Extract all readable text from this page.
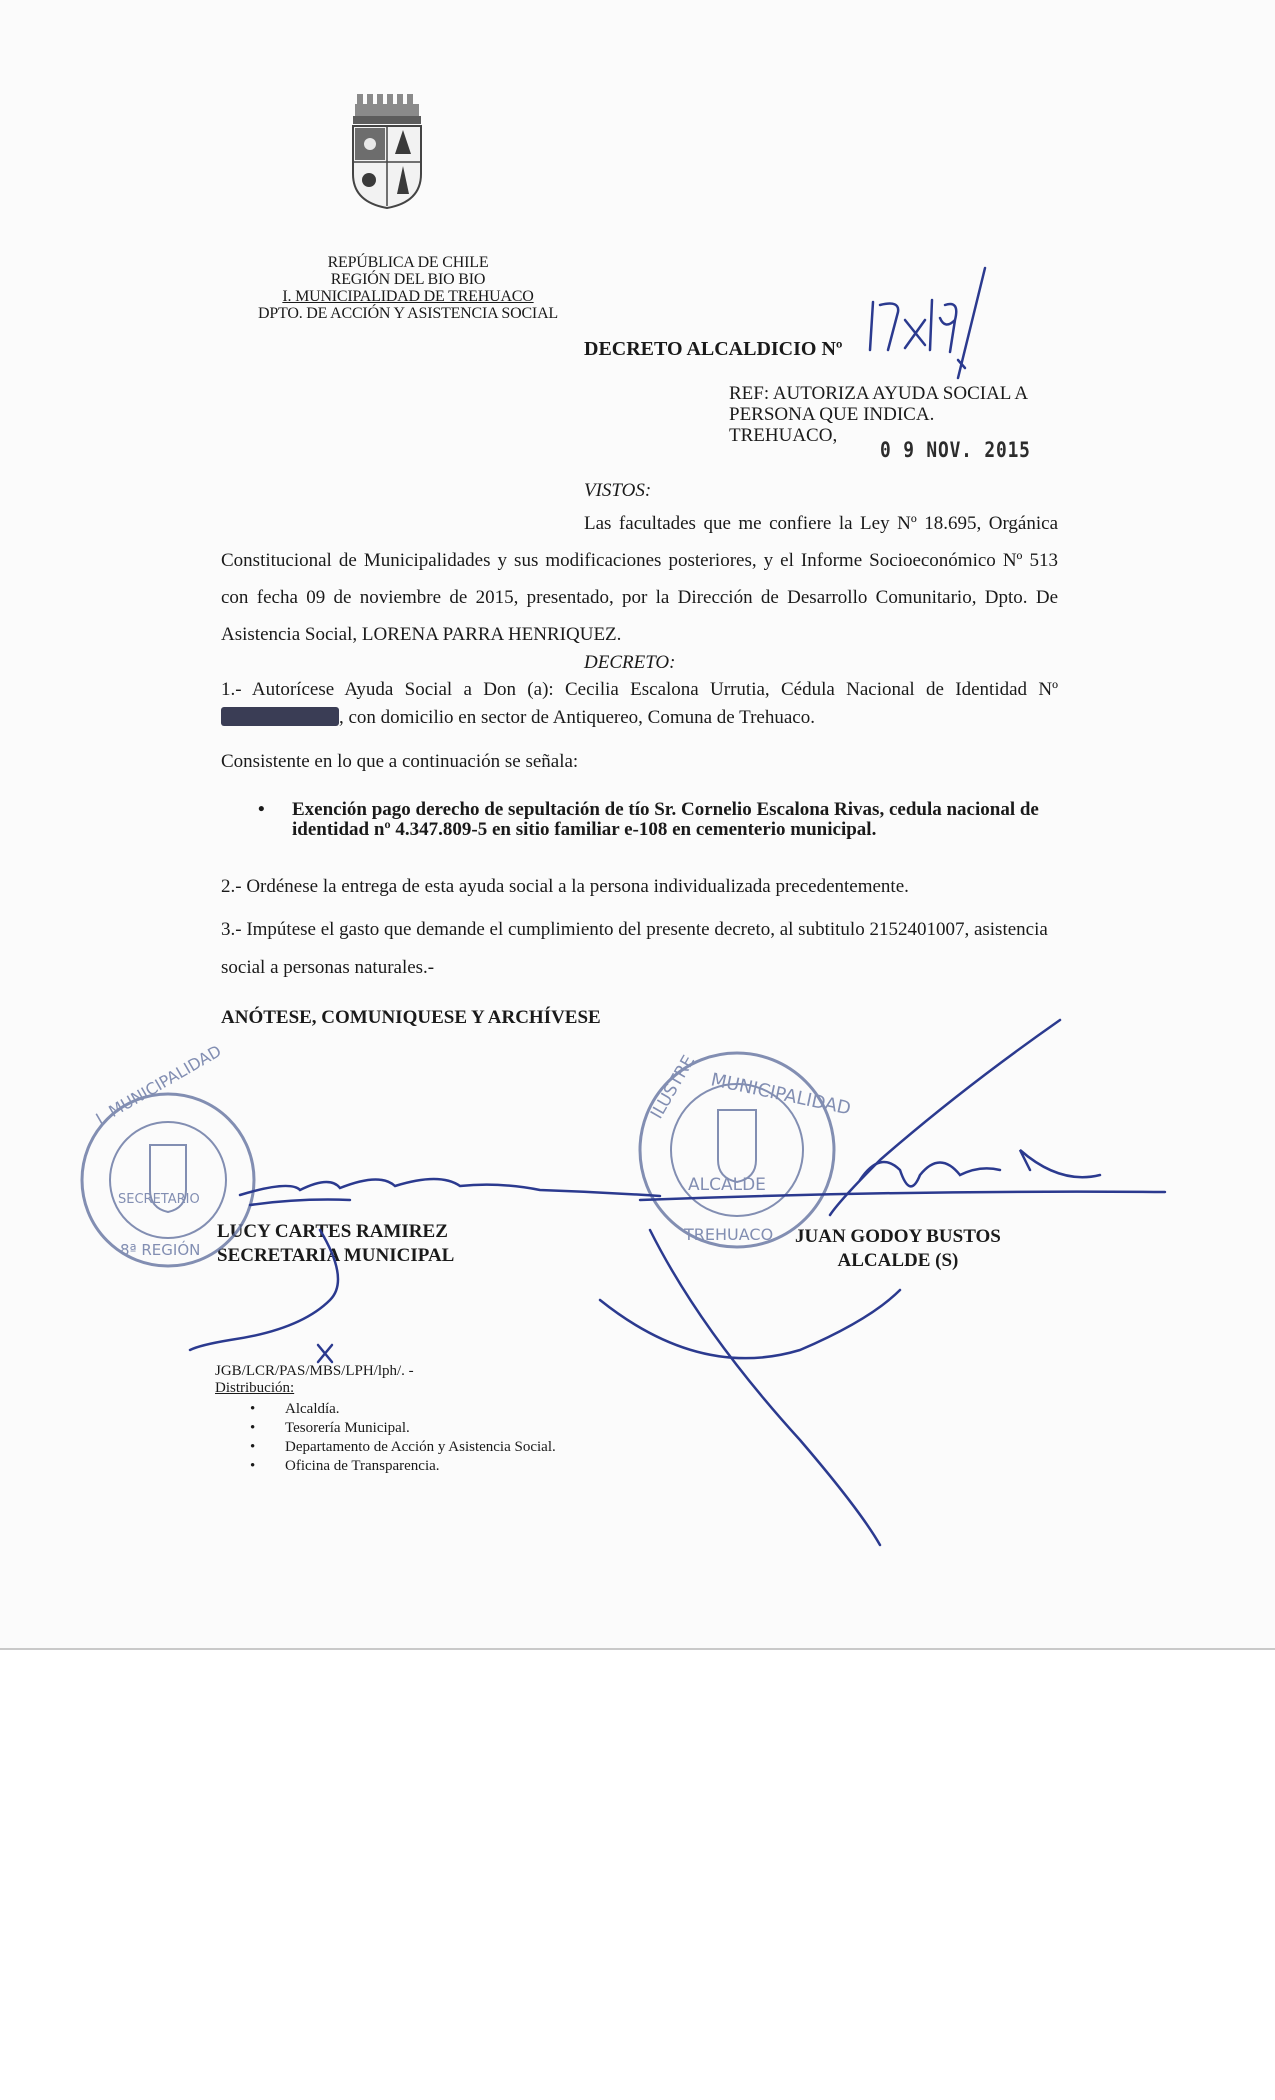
REPÚBLICA DE CHILE
REGIÓN DEL BIO BIO
I. MUNICIPALIDAD DE TREHUACO
DPTO. DE ACCIÓN Y ASISTENCIA SOCIAL
DECRETO ALCALDICIO Nº
REF: AUTORIZA AYUDA SOCIAL A
PERSONA QUE INDICA.
TREHUACO,
0 9 NOV. 2015
VISTOS:
Las facultades que me confiere la Ley Nº 18.695, Orgánica Constitucional de Municipalidades y sus modificaciones posteriores, y el Informe Socioeconómico Nº 513 con fecha 09 de noviembre de 2015, presentado, por la Dirección de Desarrollo Comunitario, Dpto. De Asistencia Social, LORENA PARRA HENRIQUEZ.
DECRETO:
1.- Autorícese Ayuda Social a Don (a): Cecilia Escalona Urrutia, Cédula Nacional de Identidad Nº, con domicilio en sector de Antiquereo, Comuna de Trehuaco.
Consistente en lo que a continuación se señala:
• Exención pago derecho de sepultación de tío Sr. Cornelio Escalona Rivas, cedula nacional de identidad nº 4.347.809-5 en sitio familiar e-108 en cementerio municipal.
2.- Ordénese la entrega de esta ayuda social a la persona individualizada precedentemente.
3.- Impútese el gasto que demande el cumplimiento del presente decreto, al subtitulo 2152401007, asistencia social a personas naturales.-
ANÓTESE, COMUNIQUESE Y ARCHÍVESE
LUCY CARTES RAMIREZ
SECRETARIA MUNICIPAL
JUAN GODOY BUSTOS
ALCALDE (S)
JGB/LCR/PAS/MBS/LPH/lph/. -
Distribución:
• Alcaldía.
• Tesorería Municipal.
• Departamento de Acción y Asistencia Social.
• Oficina de Transparencia.
I. MUNICIPALIDAD
8ª REGIÓN
SECRETARIO
ILUSTRE MUNICIPALIDAD
ALCALDE
TREHUACO
